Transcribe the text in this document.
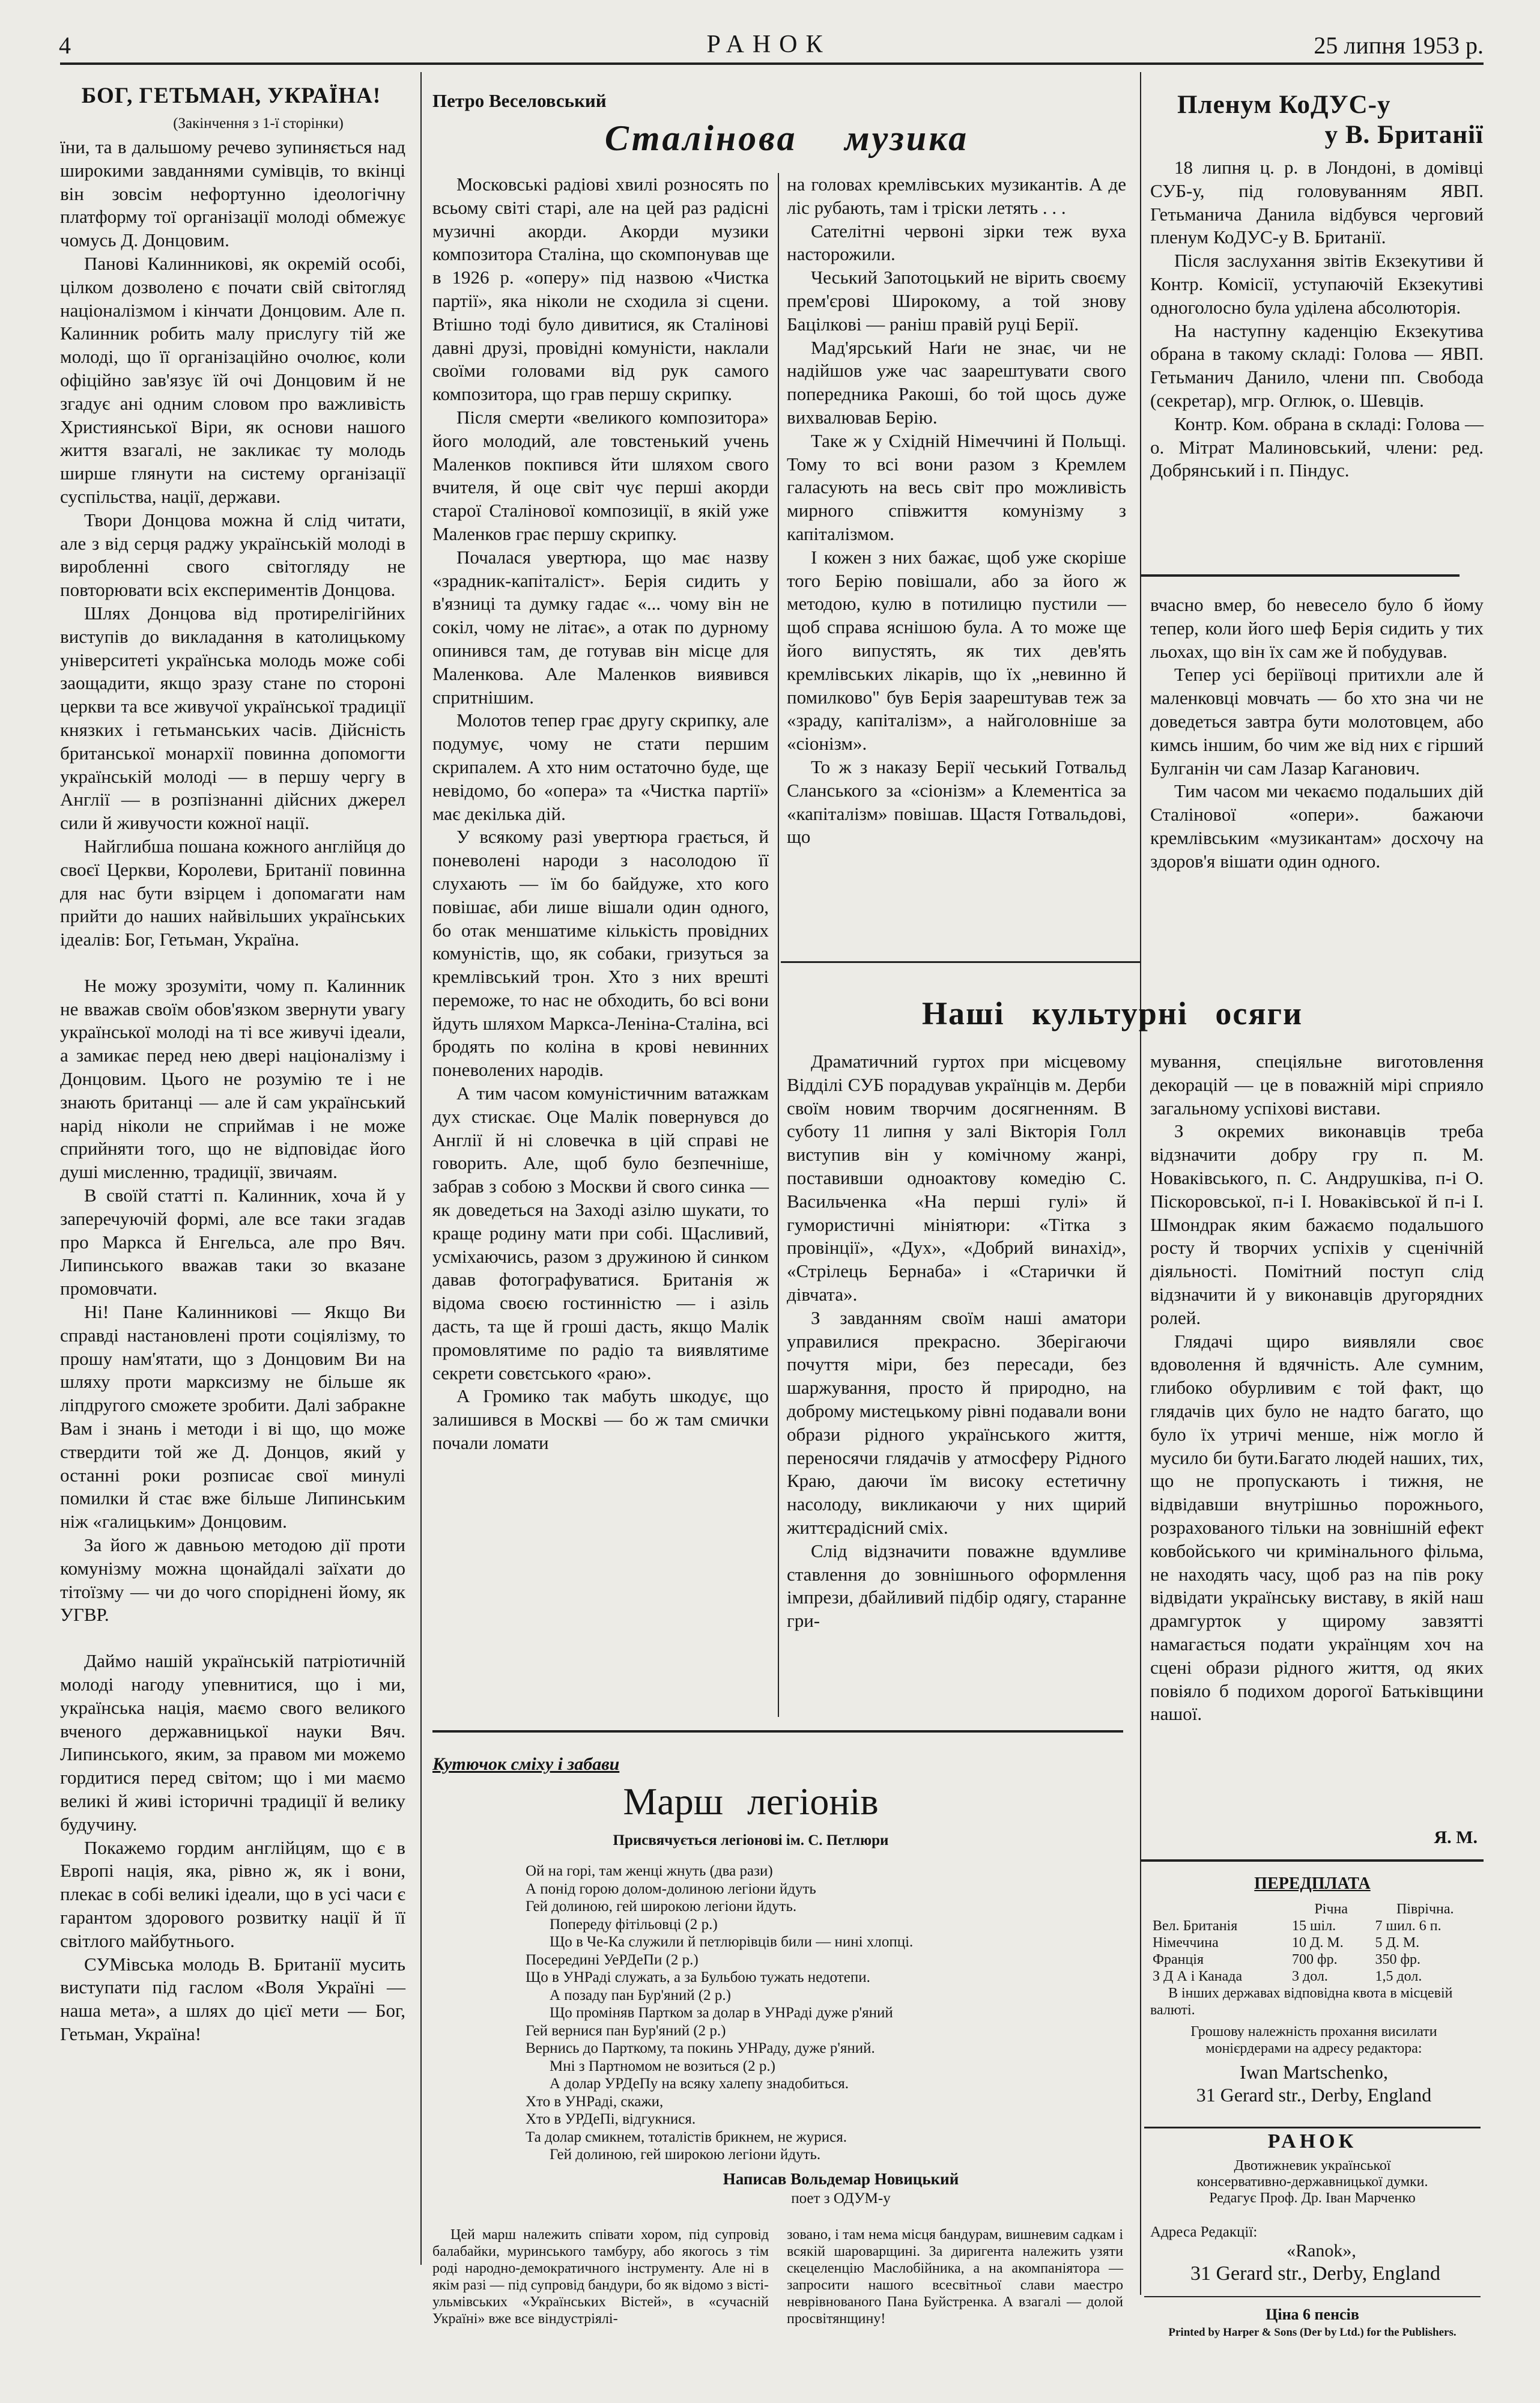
4	РАНОК	25 липня 1953 р.
БОГ, ГЕТЬМАН, УКРАЇНА!
(Закінчення з 1-ї сторінки)

їни, та в дальшому речево зупиняється над широкими завданнями сумівців, то вкінці він зовсім нефортунно ідеологічну платформу тої організації молоді обмежує чомусь Д. Донцовим.

Панові Калинникові, як окремій особі, цілком дозволено є почати свій світогляд націоналізмом і кінчати Донцовим. Але п. Калинник робить малу прислугу тій же молоді, що її організаційно очолює, коли офіційно зав'язує їй очі Донцовим й не згадує ані одним словом про важливість Християнської Віри, як основи нашого життя взагалі, не закликає ту молодь ширше глянути на систему організації суспільства, нації, держави.

Твори Донцова можна й слід читати, але з від серця раджу українській молоді в виробленні свого світогляду не повторювати всіх експериментів Донцова.

Шлях Донцова від протирелігійних виступів до викладання в католицькому університеті українська молодь може собі заощадити, якщо зразу стане по стороні церкви та все живучої української традиції князких і гетьманських часів. Дійсність британської монархії повинна допомогти українській молоді — в першу чергу в Англії — в розпізнанні дійсних джерел сили й живучости кожної нації.

Найглибша пошана кожного англійця до своєї Церкви, Королеви, Британії повинна для нас бути взірцем і допомагати нам прийти до наших найвільших українських ідеалів: Бог, Гетьман, Україна.

Не можу зрозуміти, чому п. Калинник не вважав своїм обов'язком звернути увагу української молоді на ті все живучі ідеали, а замикає перед нею двері націоналізму і Донцовим. Цього не розумію те і не знають британці — але й сам український нарід ніколи не сприймав і не може сприйняти того, що не відповідає його душі мисленню, традиції, звичаям.

В своїй статті п. Калинник, хоча й у заперечуючій формі, але все таки згадав про Маркса й Енгельса, але про Вяч. Липинського вважав таки зо вказане промовчати.

Ні! Пане Калинникові — Якщо Ви справді настановлені проти соціялізму, то прошу нам'ятати, що з Донцовим Ви на шляху проти марксизму не більше як ліпдругого сможете зробити. Далі забракне Вам і знань і методи і ві що, що може ствердити той же Д. Донцов, який у останні роки розписає свої минулі помилки й стає вже більше Липинським ніж «галицьким» Донцовим.

За його ж давньою методою дії проти комунізму можна щонайдалі заїхати до тітоїзму — чи до чого споріднені йому, як УГВР.

Даймо нашій українській патріотичній молоді нагоду упевнитися, що і ми, українська нація, маємо свого великого вченого державницької науки Вяч. Липинського, яким, за правом ми можемо гордитися перед світом; що і ми маємо великі й живі історичні традиції й велику будучину.

Покажемо гордим англійцям, що є в Европі нація, яка, рівно ж, як і вони, плекає в собі великі ідеали, що в усі часи є гарантом здорового розвитку нації й її світлого майбутнього.

СУМівська молодь В. Британії мусить виступати під гаслом «Воля Україні — наша мета», а шлях до цієї мети — Бог, Гетьман, Україна!

Петро Веселовський
Сталінова музика

Московські радіові хвилі розносять по всьому світі старі, але на цей раз радісні музичні акорди. Акорди музики композитора Сталіна, що скомпонував ще в 1926 р. «оперу» під назвою «Чистка партії», яка ніколи не сходила зі сцени. Втішно тоді було дивитися, як Сталінові давні друзі, провідні комуністи, наклали своїми головами від рук самого композитора, що грав першу скрипку.

Після смерти «великого композитора» його молодий, але товстенький учень Маленков покпився йти шляхом свого вчителя, й оце світ чує перші акорди старої Сталінової композиції, в якій уже Маленков грає першу скрипку.

Почалася увертюра, що має назву «зрадник-капіталіст». Берія сидить у в'язниці та думку гадає «... чому він не сокіл, чому не літає», а отак по дурному опинився там, де готував він місце для Маленкова. Але Маленков виявився спритнішим.

Молотов тепер грає другу скрипку, але подумує, чому не стати першим скрипалем. А хто ним остаточно буде, ще невідомо, бо «опера» та «Чистка партії» має декілька дій.

У всякому разі увертюра грається, й поневолені народи з насолодою її слухають — їм бо байдуже, хто кого повішає, аби лише вішали один одного, бо отак меншатиме кількість провідних комуністів, що, як собаки, гризуться за кремлівський трон. Хто з них врешті переможе, то нас не обходить, бо всі вони йдуть шляхом Маркса-Леніна-Сталіна, всі бродять по коліна в крові невинних поневолених народів.

А тим часом комуністичним ватажкам дух стискає. Оце Малік повернувся до Англії й ні словечка в цій справі не говорить. Але, щоб було безпечніше, забрав з собою з Москви й свого синка — як доведеться на Заході азілю шукати, то краще родину мати при собі. Щасливий, усміхаючись, разом з дружиною й синком давав фотографуватися. Британія ж відома своєю гостинністю — і азіль дасть, та ще й гроші дасть, якщо Малік промовлятиме по радіо та виявлятиме секрети совєтського «раю».

А Громико так мабуть шкодує, що залишився в Москві — бо ж там смички почали ломати

на головах кремлівських музикантів. А де ліс рубають, там і тріски летять . . .

Сателітні червоні зірки теж вуха насторожили.

Чеський Запотоцький не вірить своєму прем'єрові Широкому, а той знову Бацілкові — раніш правій руці Берії.

Мад'ярський Наґи не знає, чи не надійшов уже час заарештувати свого попередника Ракоші, бо той щось дуже вихвалював Берію.

Таке ж у Східній Німеччині й Польщі. Тому то всі вони разом з Кремлем галасують на весь світ про можливість мирного співжиття комунізму з капіталізмом.

І кожен з них бажає, щоб уже скоріше того Берію повішали, або за його ж методою, кулю в потилицю пустили — щоб справа яснішою була. А то може ще його випустять, як тих дев'ять кремлівських лікарів, що їх „невинно й помилково" був Берія заарештував теж за «зраду, капіталізм», а найголовніше за «сіонізм».

То ж з наказу Берії чеський Готвальд Сланського за «сіонізм» а Клементіса за «капіталізм» повішав. Щастя Готвальдові, що

Пленум КоДУС-у
у В. Британії

18 липня ц. р. в Лондоні, в домівці СУБ-у, під головуванням ЯВП. Гетьманича Данила відбувся черговий пленум КоДУС-у В. Британії.

Після заслухання звітів Екзекутиви й Контр. Комісії, уступаючій Екзекутиві одноголосно була уділена абсолюторія.

На наступну каденцію Екзекутива обрана в такому складі: Голова — ЯВП. Гетьманич Данило, члени пп. Свобода (секретар), мгр. Оглюк, о. Шевців.

Контр. Ком. обрана в складі: Голова — о. Мітрат Малиновський, члени: ред. Добрянський і п. Піндус.

вчасно вмер, бо невесело було б йому тепер, коли його шеф Берія сидить у тих льохах, що він їх сам же й побудував.

Тепер усі беріївоці притихли але й маленковці мовчать — бо хто зна чи не доведеться завтра бути молотовцем, або кимсь іншим, бо чим же від них є гірший Булганін чи сам Лазар Каганович.

Тим часом ми чекаємо подальших дій Сталінової «опери». бажаючи кремлівським «музикантам» досхочу на здоров'я вішати один одного.

Наші культурні осяги

Драматичний гуртох при місцевому Відділі СУБ порадував українців м. Дерби своїм новим творчим досягненням. В суботу 11 липня у залі Вікторія Голл виступив він у комічному жанрі, поставивши одноактову комедію С. Васильченка «На перші гулі» й гумористичні мініятюри: «Тітка з провінції», «Дух», «Добрий винахід», «Стрілець Бернаба» і «Старички й дівчата».

З завданням своїм наші аматори управилися прекрасно. Зберігаючи почуття міри, без пересади, без шаржування, просто й природно, на доброму мистецькому рівні подавали вони образи рідного українського життя, переносячи глядачів у атмосферу Рідного Краю, даючи їм високу естетичну насолоду, викликаючи у них щирий життєрадісний сміх.

Слід відзначити поважне вдумливе ставлення до зовнішнього оформлення імпрези, дбайливий підбір одягу, старанне гри-

мування, спеціяльне виготовлення декорацій — це в поважній мірі сприяло загальному успіхові вистави.

З окремих виконавців треба відзначити добру гру п. М. Новаківського, п. С. Андрушківа, п-і О. Піскоровської, п-і І. Новаківської й п-і І. Шмондрак яким бажаємо подальшого росту й творчих успіхів у сценічній діяльності. Помітний поступ слід відзначити й у виконавців другорядних ролей.

Глядачі щиро виявляли своє вдоволення й вдячність. Але сумним, глибоко обурливим є той факт, що глядачів цих було не надто багато, що було їх утричі менше, ніж могло й мусило би бути.Багато людей наших, тих, що не пропускають і тижня, не відвідавши внутрішньо порожнього, розрахованого тільки на зовнішній ефект ковбойського чи кримінального фільма, не находять часу, щоб раз на пів року відвідати українську виставу, в якій наш драмгурток у щирому завзятті намагається подати українцям хоч на сцені образи рідного життя, од яких повіяло б подихом дорогої Батьківщини нашої.

Я. М.
Кутючок сміху і забави
Марш легіонів
Присвячується легіонові ім. С. Петлюри
Ой на горі, там женці жнуть (два рази)
А понід горою долом-долиною легіони йдуть
Гей долиною, гей широкою легіони йдуть.
Попереду фітільовці (2 р.)
Що в Че-Ка служили й петлюрівців били — нині хлопці.
Посередині УеРДеПи (2 р.)
Що в УНРаді служать, а за Бульбою тужать недотепи.
А позаду пан Бур'яний (2 р.)
Що проміняв Партком за долар в УНРаді дуже р'яний
Гей вернися пан Бур'яний (2 р.)
Вернись до Парткому, та покинь УНРаду, дуже р'яний.
Мні з Партномом не возиться (2 р.)
А долар УРДеПу на всяку халепу знадобиться.
Хто в УНРаді, скажи,
Хто в УРДеПі, відгукнися.
Та долар смикнем, тоталістів брикнем, не журися.
Гей долиною, гей широкою легіони йдуть.
Написав Вольдемар Новицький
поет з ОДУМ-у
Цей марш належить співати хором, під супровід балабайки, муринського тамбуру, або якогось з тім роді народно-демократичного інструменту. Але ні в якім разі — під супровід бандури, бо як відомо з вісті-ульмівських «Українських Вістей», в «сучасній Україні» вже все віндустріялі-
зовано, і там нема місця бандурам, вишневим садкам і всякій шароварщині. За диригента належить узяти скецеленцію Маслобійника, а на акомпаніятора — запросити нашого всесвітньої слави маестро неврівнованого Пана Буйстренка. А взагалі — долой просвітянщину!
ПЕРЕДПЛАТА
	Річна	Півpічна.
Вел. Британія	15 шіл.	7 шил. 6 п.
Німеччина	10 Д. М.	5 Д. М.
Франція	700 фр.	350 фр.
З Д А і Канада	3 дол.	1,5 дол.
В інших державах відповідна квота в місцевій валюті.
Грошову належність прохання висилати монієрдерами на адресу редактора:
Iwan Martschenko,
31 Gerard str., Derby, England
РАНОК
Двотижневик української
консервативно-державницької думки.
Редагує Проф. Др. Іван Марченко
Адреса Редакції:
«Ranok»,
31 Gerard str., Derby, England
Ціна 6 пенсів
Printed by Harper & Sons (Der by Ltd.) for the Publishers.
